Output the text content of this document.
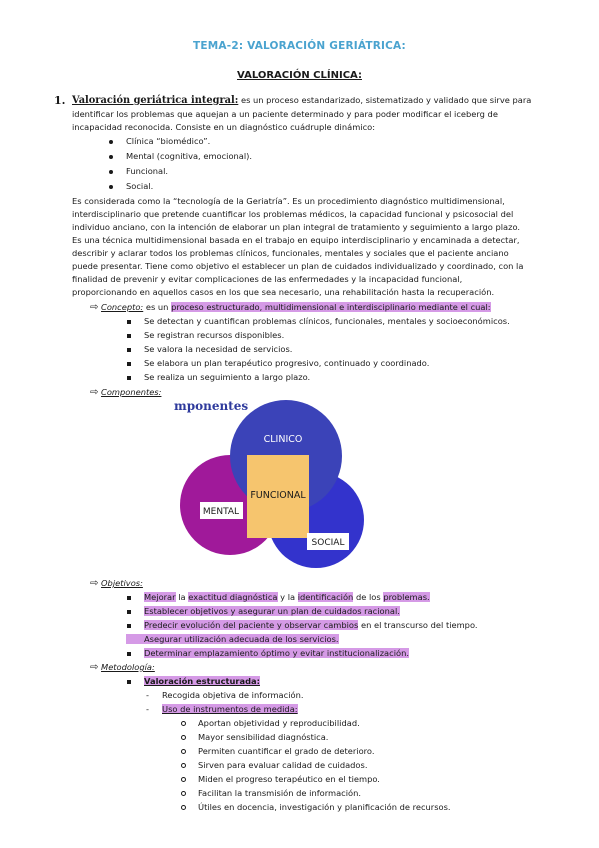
TEMA-2: VALORACIÓN GERIÁTRICA:
VALORACIÓN CLÍNICA:
1. Valoración geriátrica integral: es un proceso estandarizado, sistematizado y validado que sirve para
identificar los problemas que aquejan a un paciente determinado y para poder modificar el iceberg de
incapacidad reconocida. Consiste en un diagnóstico cuádruple dinámico:
Clínica “biomédico”.
Mental (cognitiva, emocional).
Funcional.
Social.
Es considerada como la “tecnología de la Geriatría”. Es un procedimiento diagnóstico multidimensional,
interdisciplinario que pretende cuantificar los problemas médicos, la capacidad funcional y psicosocial del
individuo anciano, con la intención de elaborar un plan integral de tratamiento y seguimiento a largo plazo.
Es una técnica multidimensional basada en el trabajo en equipo interdisciplinario y encaminada a detectar,
describir y aclarar todos los problemas clínicos, funcionales, mentales y sociales que el paciente anciano
puede presentar. Tiene como objetivo el establecer un plan de cuidados individualizado y coordinado, con la
finalidad de prevenir y evitar complicaciones de las enfermedades y la incapacidad funcional,
proporcionando en aquellos casos en los que sea necesario, una rehabilitación hasta la recuperación.
⇨ Concepto: es un proceso estructurado, multidimensional e interdisciplinario mediante el cual:
Se detectan y cuantifican problemas clínicos, funcionales, mentales y socioeconómicos.
Se registran recursos disponibles.
Se valora la necesidad de servicios.
Se elabora un plan terapéutico progresivo, continuado y coordinado.
Se realiza un seguimiento a largo plazo.
⇨ Componentes:
mponentes
CLINICO
FUNCIONAL
MENTAL
SOCIAL
⇨ Objetivos:
Mejorar la exactitud diagnóstica y la identificación de los problemas.
Establecer objetivos y asegurar un plan de cuidados racional.
Predecir evolución del paciente y observar cambios en el transcurso del tiempo.
Asegurar utilización adecuada de los servicios.
Determinar emplazamiento óptimo y evitar institucionalización.
⇨ Metodología:
Valoración estructurada:
- Recogida objetiva de información.
- Uso de instrumentos de medida:
Aportan objetividad y reproducibilidad.
Mayor sensibilidad diagnóstica.
Permiten cuantificar el grado de deterioro.
Sirven para evaluar calidad de cuidados.
Miden el progreso terapéutico en el tiempo.
Facilitan la transmisión de información.
Útiles en docencia, investigación y planificación de recursos.
